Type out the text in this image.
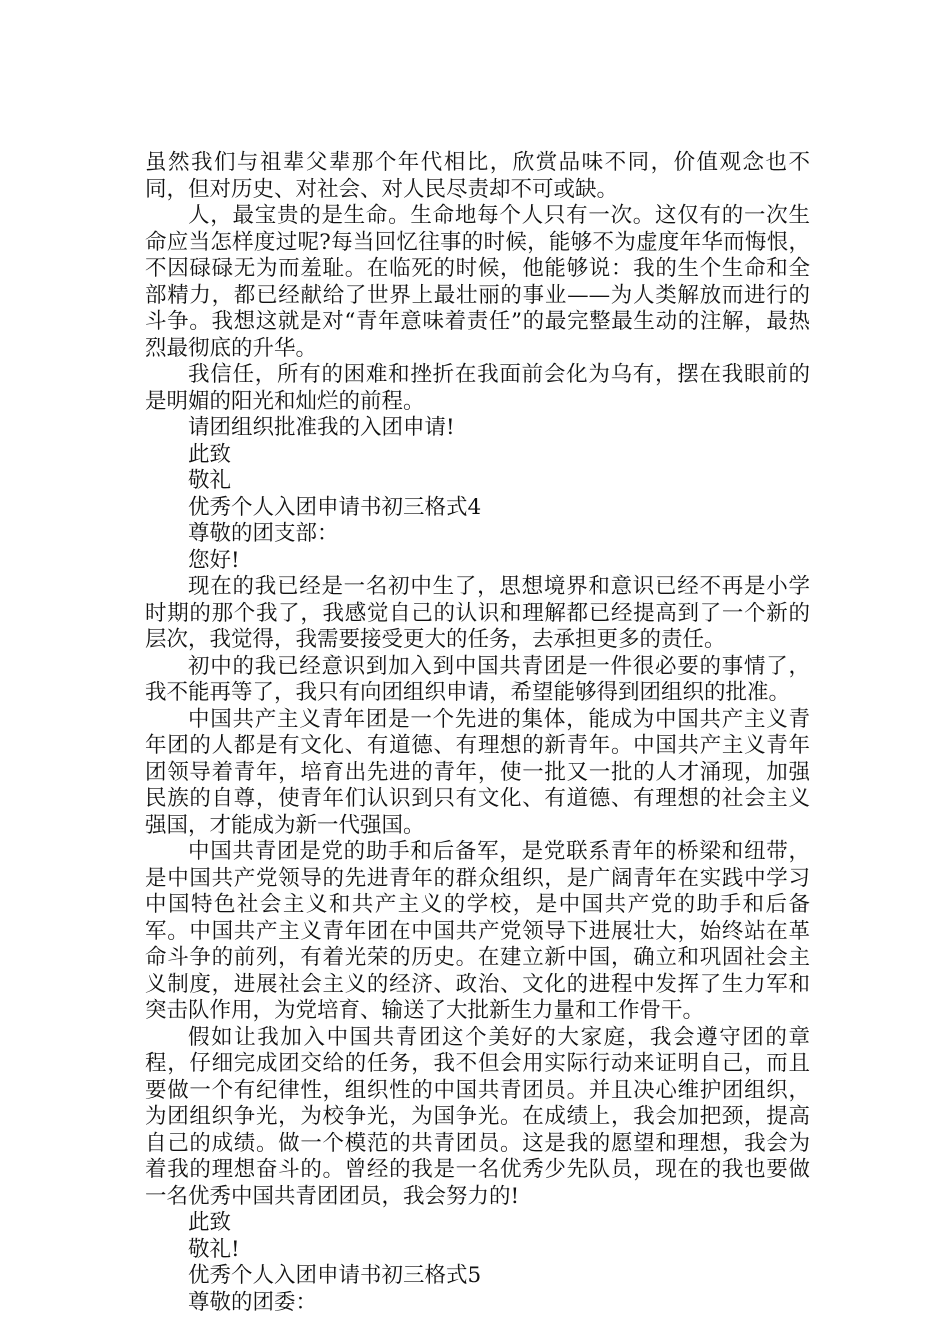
虽然我们与祖辈父辈那个年代相比，欣赏品味不同，价值观念也不同，但对历史、对社会、对人民尽责却不可或缺。

人，最宝贵的是生命。生命地每个人只有一次。这仅有的一次生命应当怎样度过呢?每当回忆往事的时候，能够不为虚度年华而悔恨，不因碌碌无为而羞耻。在临死的时候，他能够说：我的生个生命和全部精力，都已经献给了世界上最壮丽的事业——为人类解放而进行的斗争。我想这就是对“青年意味着责任”的最完整最生动的注解，最热烈最彻底的升华。

我信任，所有的困难和挫折在我面前会化为乌有，摆在我眼前的是明媚的阳光和灿烂的前程。

请团组织批准我的入团申请!

此致

敬礼

优秀个人入团申请书初三格式4

尊敬的团支部：

您好!

现在的我已经是一名初中生了，思想境界和意识已经不再是小学时期的那个我了，我感觉自己的认识和理解都已经提高到了一个新的层次，我觉得，我需要接受更大的任务，去承担更多的责任。

初中的我已经意识到加入到中国共青团是一件很必要的事情了，我不能再等了，我只有向团组织申请，希望能够得到团组织的批准。

中国共产主义青年团是一个先进的集体，能成为中国共产主义青年团的人都是有文化、有道德、有理想的新青年。中国共产主义青年团领导着青年，培育出先进的青年，使一批又一批的人才涌现，加强民族的自尊，使青年们认识到只有文化、有道德、有理想的社会主义强国，才能成为新一代强国。

中国共青团是党的助手和后备军，是党联系青年的桥梁和纽带，是中国共产党领导的先进青年的群众组织，是广阔青年在实践中学习中国特色社会主义和共产主义的学校，是中国共产党的助手和后备军。中国共产主义青年团在中国共产党领导下进展壮大，始终站在革命斗争的前列，有着光荣的历史。在建立新中国，确立和巩固社会主义制度，进展社会主义的经济、政治、文化的进程中发挥了生力军和突击队作用，为党培育、输送了大批新生力量和工作骨干。

假如让我加入中国共青团这个美好的大家庭，我会遵守团的章程，仔细完成团交给的任务，我不但会用实际行动来证明自己，而且要做一个有纪律性，组织性的中国共青团员。并且决心维护团组织，为团组织争光，为校争光，为国争光。在成绩上，我会加把颈，提高自己的成绩。做一个模范的共青团员。这是我的愿望和理想，我会为着我的理想奋斗的。曾经的我是一名优秀少先队员，现在的我也要做一名优秀中国共青团团员，我会努力的!

此致

敬礼!

优秀个人入团申请书初三格式5

尊敬的团委：
